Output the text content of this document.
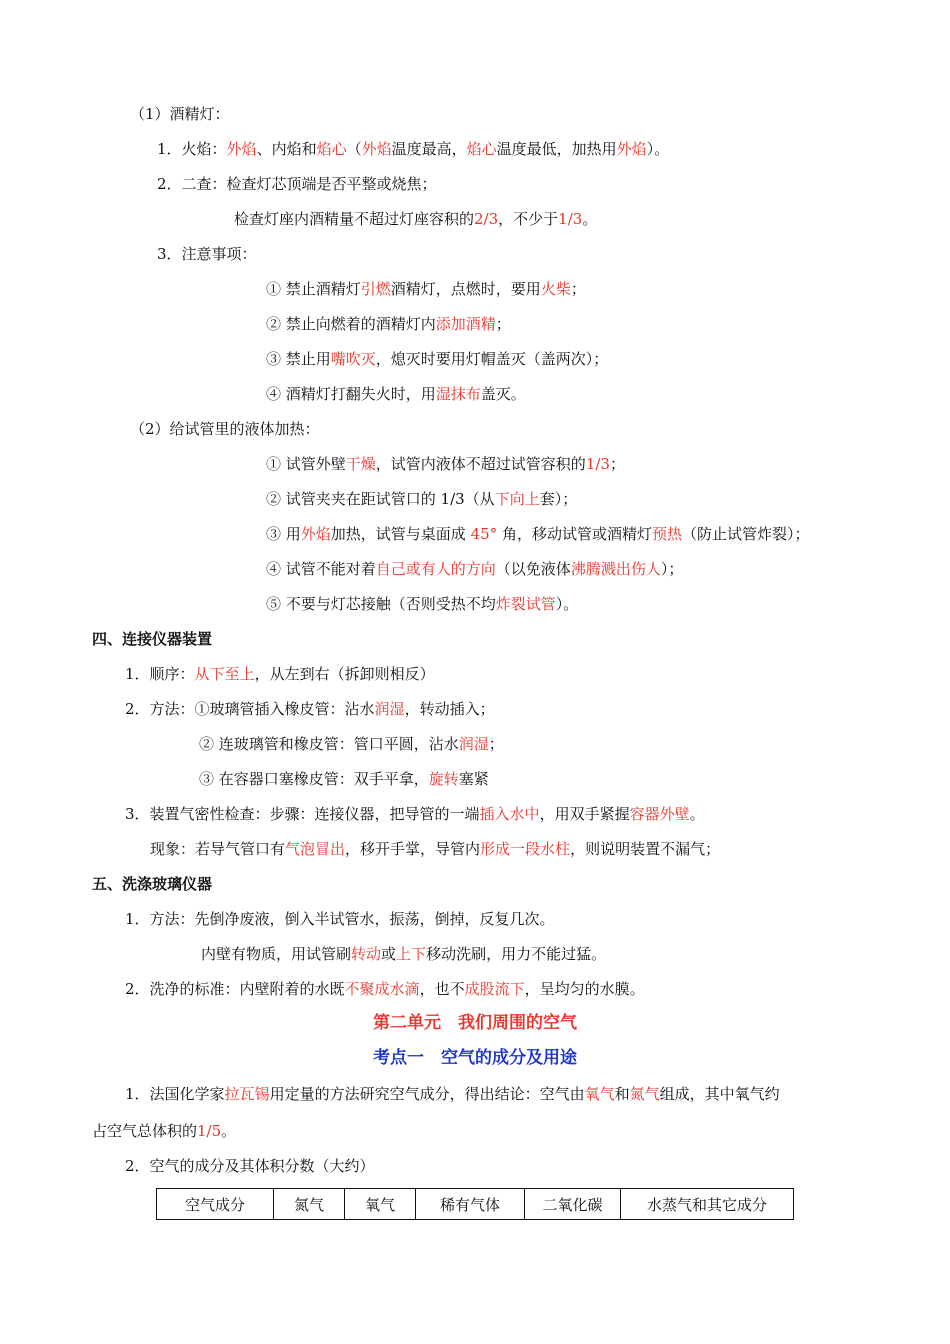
（1）酒精灯：
1．火焰：外焰、内焰和焰心（外焰温度最高，焰心温度最低，加热用外焰）。
2．二查：检查灯芯顶端是否平整或烧焦；
检查灯座内酒精量不超过灯座容积的2/3，不少于1/3。
3．注意事项：
① 禁止酒精灯引燃酒精灯，点燃时，要用火柴；
② 禁止向燃着的酒精灯内添加酒精；
③ 禁止用嘴吹灭，熄灭时要用灯帽盖灭（盖两次）；
④ 酒精灯打翻失火时，用湿抹布盖灭。
（2）给试管里的液体加热：
① 试管外壁干燥，试管内液体不超过试管容积的1/3；
② 试管夹夹在距试管口的 1/3（从下向上套）；
③ 用外焰加热，试管与桌面成 45° 角，移动试管或酒精灯预热（防止试管炸裂）；
④ 试管不能对着自己或有人的方向（以免液体沸腾溅出伤人）；
⑤ 不要与灯芯接触（否则受热不均炸裂试管）。
四、连接仪器装置
1．顺序：从下至上，从左到右（拆卸则相反）
2．方法：①玻璃管插入橡皮管：沾水润湿，转动插入；
② 连玻璃管和橡皮管：管口平圆，沾水润湿；
③ 在容器口塞橡皮管：双手平拿，旋转塞紧
3．装置气密性检查：步骤：连接仪器，把导管的一端插入水中，用双手紧握容器外壁。
现象：若导气管口有气泡冒出，移开手掌，导管内形成一段水柱，则说明装置不漏气；
五、洗涤玻璃仪器
1．方法：先倒净废液，倒入半试管水，振荡，倒掉，反复几次。
内壁有物质，用试管刷转动或上下移动洗刷，用力不能过猛。
2．洗净的标准：内壁附着的水既不聚成水滴，也不成股流下，呈均匀的水膜。
第二单元　我们周围的空气
考点一　空气的成分及用途
1．法国化学家拉瓦锡用定量的方法研究空气成分，得出结论：空气由氧气和氮气组成，其中氧气约
占空气总体积的1/5。
2．空气的成分及其体积分数（大约）
空气成分	氮气	氧气	稀有气体	二氧化碳	水蒸气和其它成分
